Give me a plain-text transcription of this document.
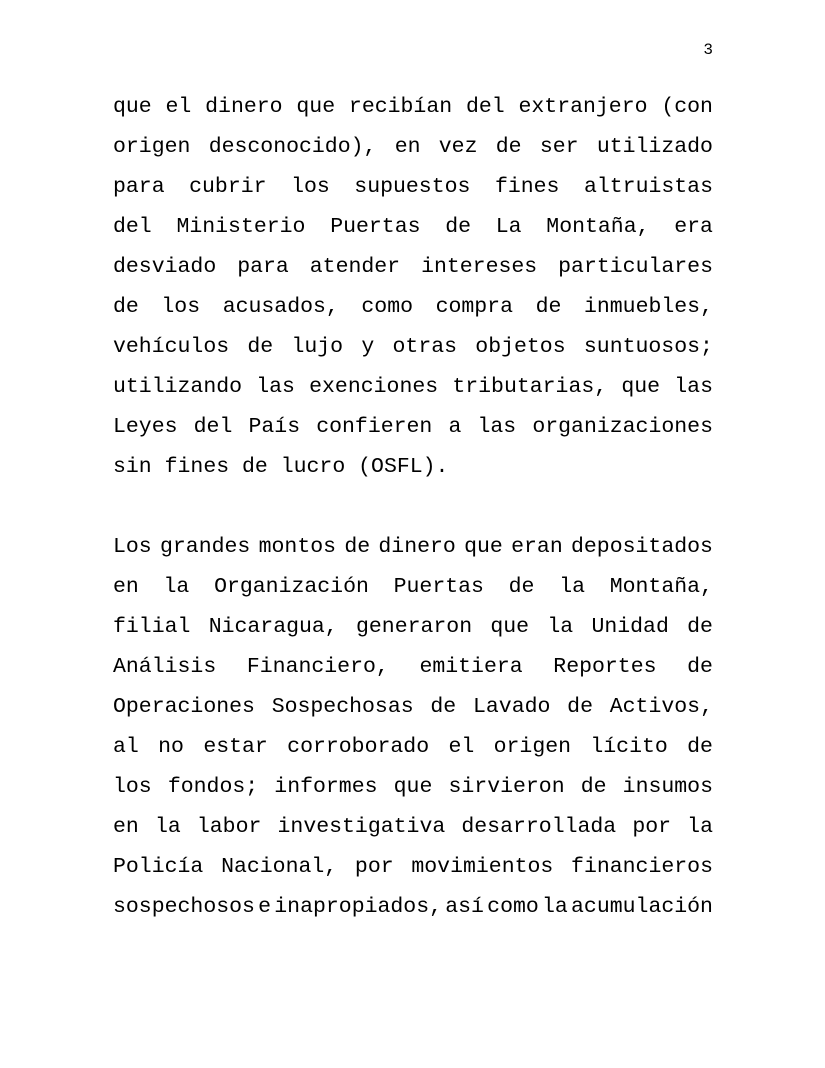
3
que el dinero que recibían del extranjero (con
origen desconocido), en vez de ser utilizado
para cubrir los supuestos fines altruistas
del Ministerio Puertas de La Montaña, era
desviado para atender intereses particulares
de los acusados, como compra de inmuebles,
vehículos de lujo y otras objetos suntuosos;
utilizando las exenciones tributarias, que las
Leyes del País confieren a las organizaciones
sin fines de lucro (OSFL).
Los grandes montos de dinero que eran depositados
en la Organización Puertas de la Montaña,
filial Nicaragua, generaron que la Unidad de
Análisis Financiero, emitiera Reportes de
Operaciones Sospechosas de Lavado de Activos,
al no estar corroborado el origen lícito de
los fondos; informes que sirvieron de insumos
en la labor investigativa desarrollada por la
Policía Nacional, por movimientos financieros
sospechosos e inapropiados, así como la acumulación
